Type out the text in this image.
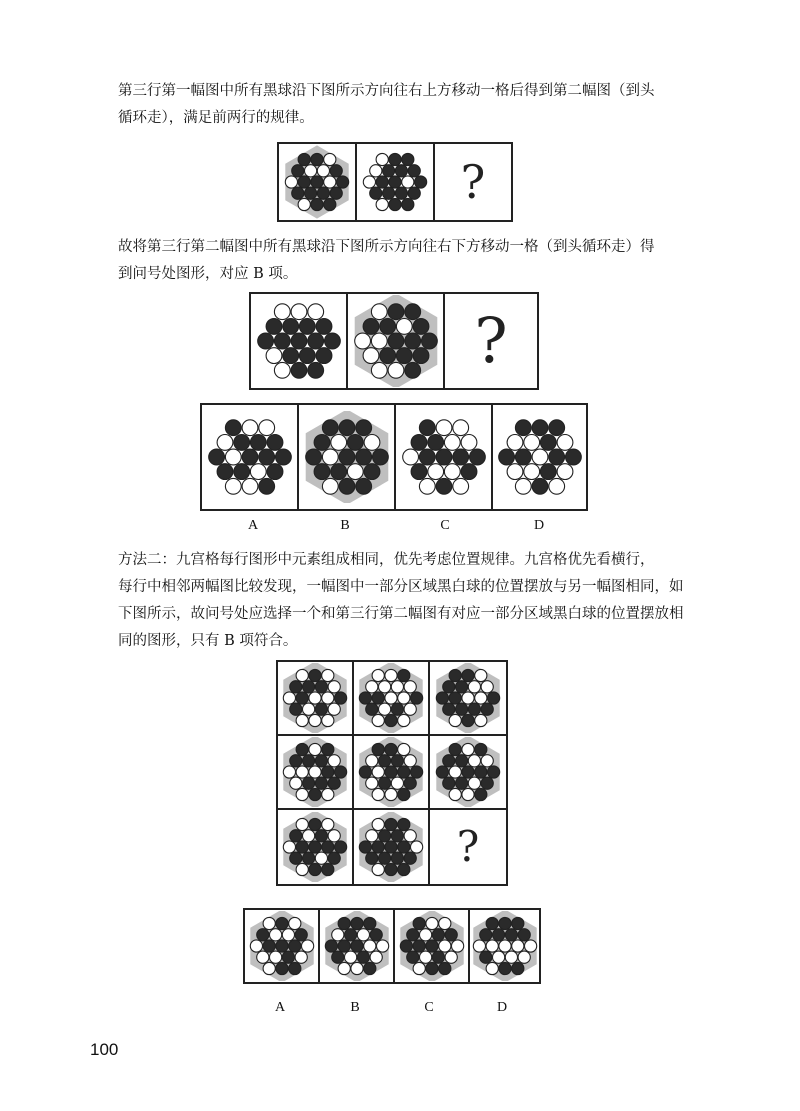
第三行第一幅图中所有黑球沿下图所示方向往右上方移动一格后得到第二幅图（到头
循环走），满足前两行的规律。

?

故将第三行第二幅图中所有黑球沿下图所示方向往右下方移动一格（到头循环走）得
到问号处图形，对应 B 项。

?
A	B	C	D

方法二：九宫格每行图形中元素组成相同，优先考虑位置规律。九宫格优先看横行，
每行中相邻两幅图比较发现，一幅图中一部分区域黑白球的位置摆放与另一幅图相同，如
下图所示，故问号处应选择一个和第三行第二幅图有对应一部分区域黑白球的位置摆放相
同的图形，只有 B 项符合。

?
A	B	C	D
100
